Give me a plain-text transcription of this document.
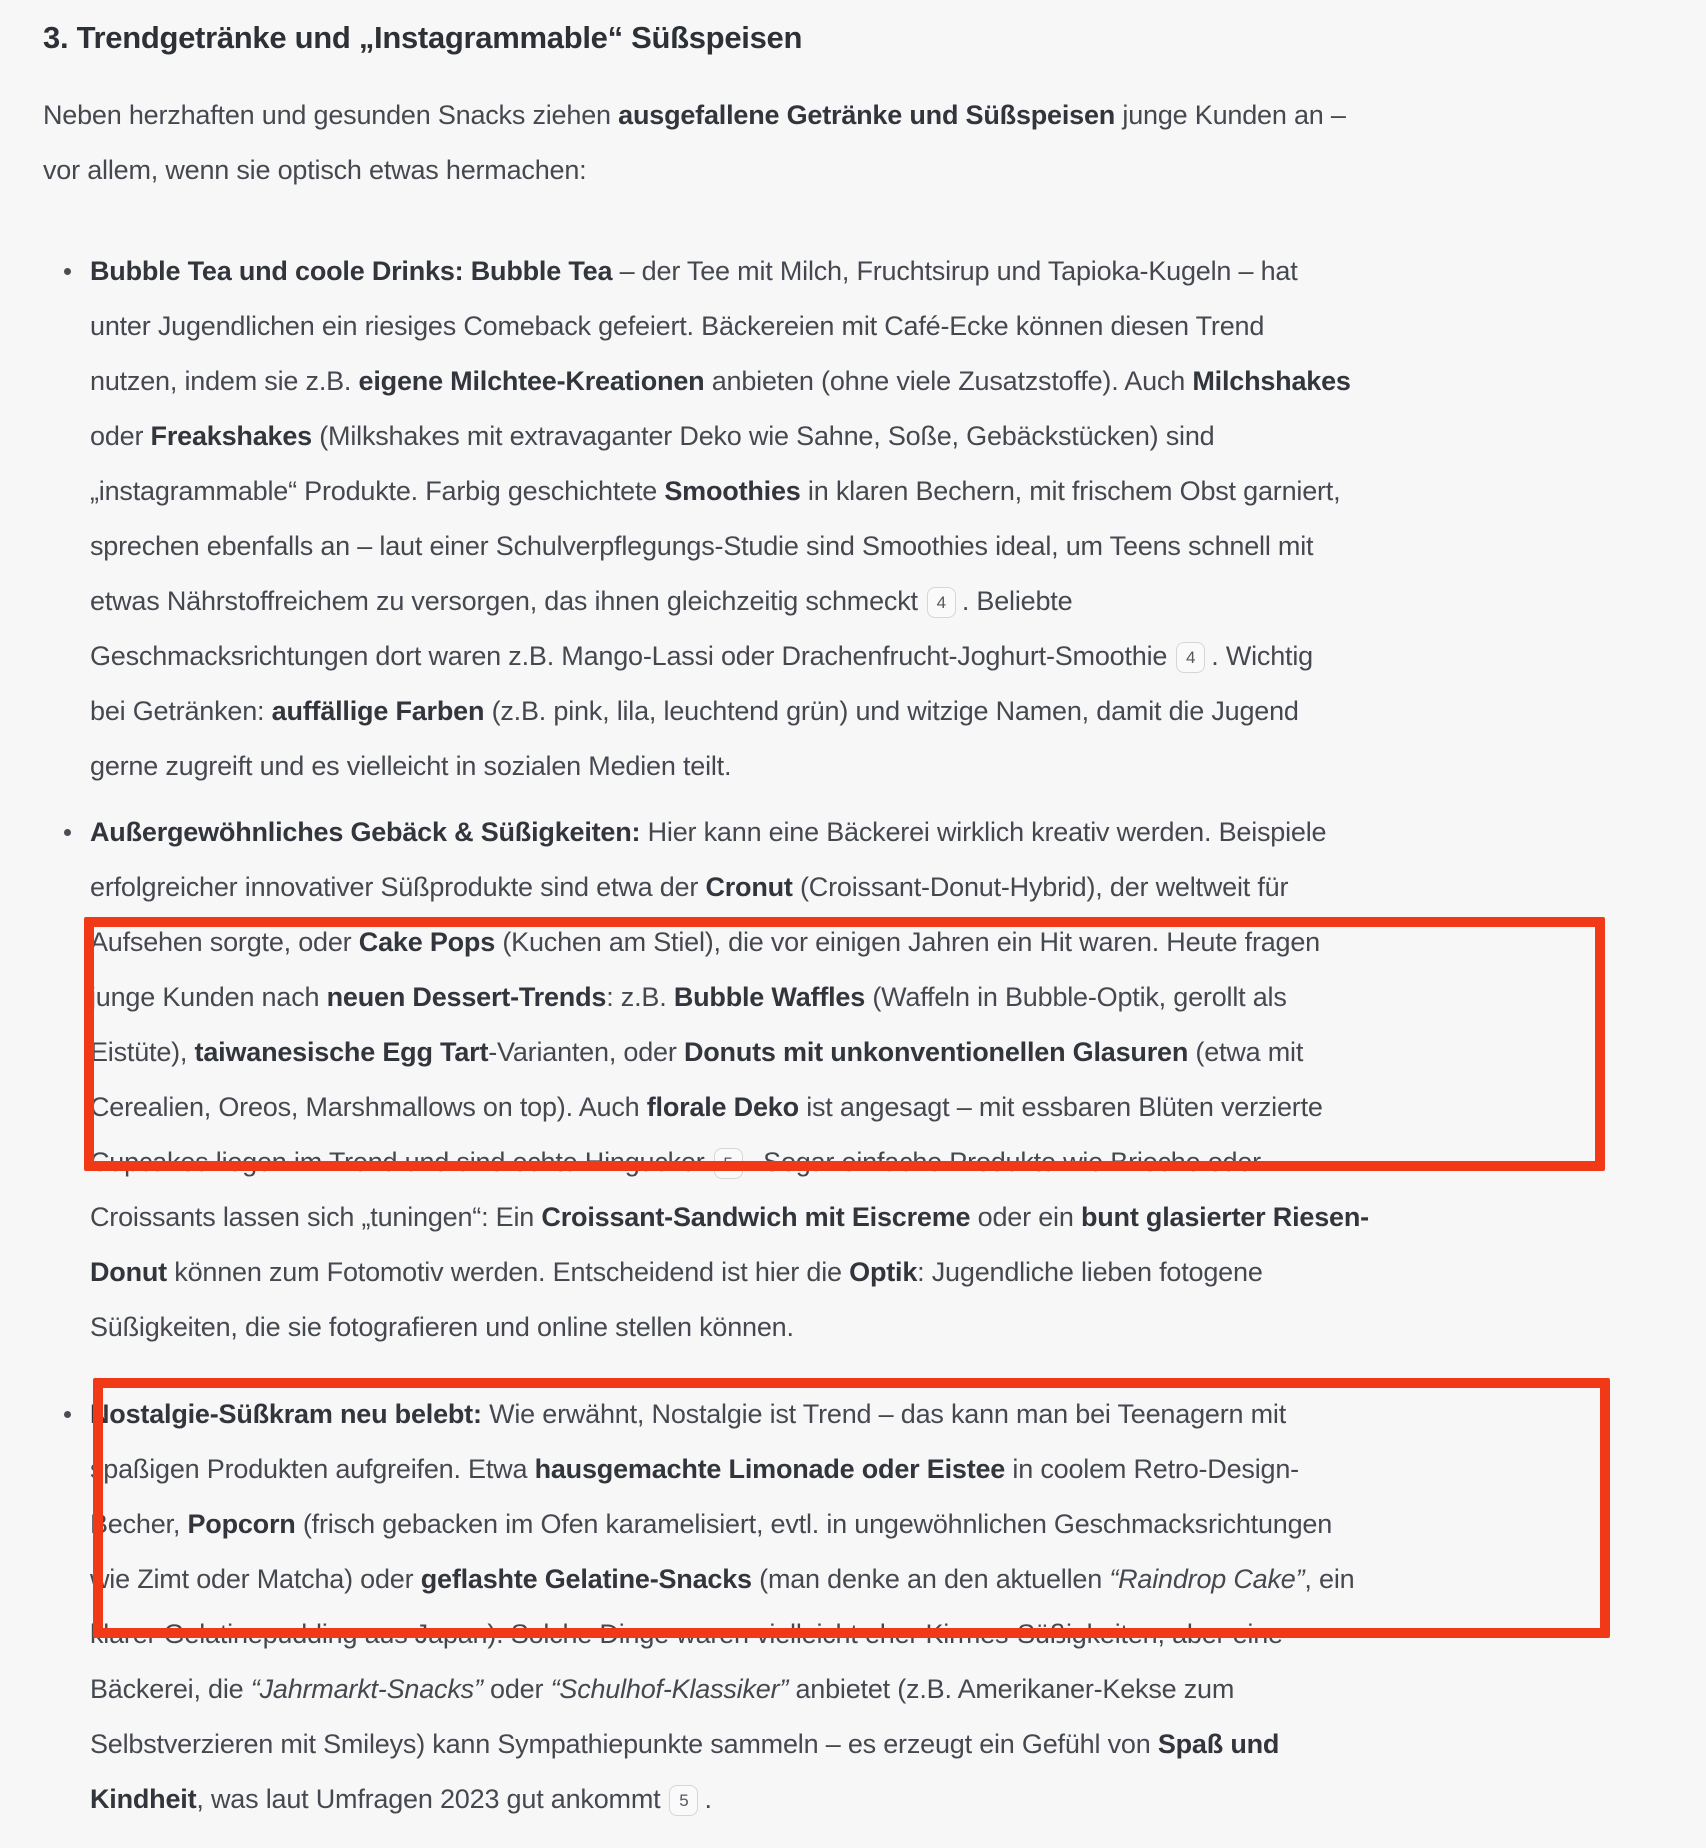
3. Trendgetränke und „Instagrammable“ Süßspeisen
Neben herzhaften und gesunden Snacks ziehen ausgefallene Getränke und Süßspeisen junge Kunden an –
vor allem, wenn sie optisch etwas hermachen:
Bubble Tea und coole Drinks: Bubble Tea – der Tee mit Milch, Fruchtsirup und Tapioka-Kugeln – hat
unter Jugendlichen ein riesiges Comeback gefeiert. Bäckereien mit Café-Ecke können diesen Trend
nutzen, indem sie z.B. eigene Milchtee-Kreationen anbieten (ohne viele Zusatzstoffe). Auch Milchshakes
oder Freakshakes (Milkshakes mit extravaganter Deko wie Sahne, Soße, Gebäckstücken) sind
„instagrammable“ Produkte. Farbig geschichtete Smoothies in klaren Bechern, mit frischem Obst garniert,
sprechen ebenfalls an – laut einer Schulverpflegungs-Studie sind Smoothies ideal, um Teens schnell mit
etwas Nährstoffreichem zu versorgen, das ihnen gleichzeitig schmeckt 4 . Beliebte
Geschmacksrichtungen dort waren z.B. Mango-Lassi oder Drachenfrucht-Joghurt-Smoothie 4 . Wichtig
bei Getränken: auffällige Farben (z.B. pink, lila, leuchtend grün) und witzige Namen, damit die Jugend
gerne zugreift und es vielleicht in sozialen Medien teilt.
Außergewöhnliches Gebäck & Süßigkeiten: Hier kann eine Bäckerei wirklich kreativ werden. Beispiele
erfolgreicher innovativer Süßprodukte sind etwa der Cronut (Croissant-Donut-Hybrid), der weltweit für
Aufsehen sorgte, oder Cake Pops (Kuchen am Stiel), die vor einigen Jahren ein Hit waren. Heute fragen
junge Kunden nach neuen Dessert-Trends: z.B. Bubble Waffles (Waffeln in Bubble-Optik, gerollt als
Eistüte), taiwanesische Egg Tart-Varianten, oder Donuts mit unkonventionellen Glasuren (etwa mit
Cerealien, Oreos, Marshmallows on top). Auch florale Deko ist angesagt – mit essbaren Blüten verzierte
Cupcakes liegen im Trend und sind echte Hingucker 5 . Sogar einfache Produkte wie Brioche oder
Croissants lassen sich „tuningen“: Ein Croissant-Sandwich mit Eiscreme oder ein bunt glasierter Riesen-
Donut können zum Fotomotiv werden. Entscheidend ist hier die Optik: Jugendliche lieben fotogene
Süßigkeiten, die sie fotografieren und online stellen können.
Nostalgie-Süßkram neu belebt: Wie erwähnt, Nostalgie ist Trend – das kann man bei Teenagern mit
spaßigen Produkten aufgreifen. Etwa hausgemachte Limonade oder Eistee in coolem Retro-Design-
Becher, Popcorn (frisch gebacken im Ofen karamelisiert, evtl. in ungewöhnlichen Geschmacksrichtungen
wie Zimt oder Matcha) oder geflashte Gelatine-Snacks (man denke an den aktuellen “Raindrop Cake”, ein
klarer Gelatinepudding aus Japan). Solche Dinge waren vielleicht eher Kirmes-Süßigkeiten, aber eine
Bäckerei, die “Jahrmarkt-Snacks” oder “Schulhof-Klassiker” anbietet (z.B. Amerikaner-Kekse zum
Selbstverzieren mit Smileys) kann Sympathiepunkte sammeln – es erzeugt ein Gefühl von Spaß und
Kindheit, was laut Umfragen 2023 gut ankommt 5 .
